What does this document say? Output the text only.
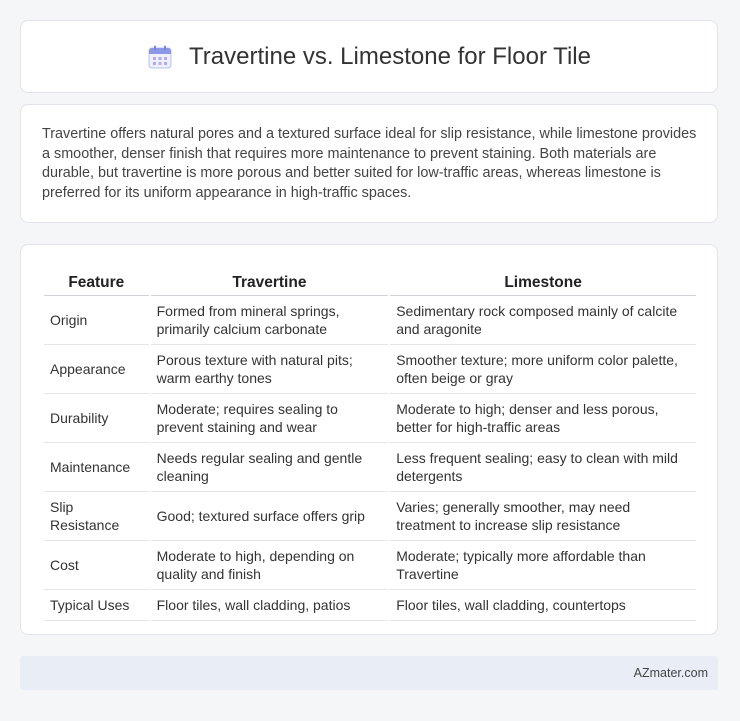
Travertine vs. Limestone for Floor Tile

Travertine offers natural pores and a textured surface ideal for slip resistance, while limestone provides a smoother, denser finish that requires more maintenance to prevent staining. Both materials are durable, but travertine is more porous and better suited for low-traffic areas, whereas limestone is preferred for its uniform appearance in high-traffic spaces.

Feature	Travertine	Limestone
Origin	Formed from mineral springs, primarily calcium carbonate	Sedimentary rock composed mainly of calcite and aragonite
Appearance	Porous texture with natural pits; warm earthy tones	Smoother texture; more uniform color palette, often beige or gray
Durability	Moderate; requires sealing to prevent staining and wear	Moderate to high; denser and less porous, better for high-traffic areas
Maintenance	Needs regular sealing and gentle cleaning	Less frequent sealing; easy to clean with mild detergents
Slip Resistance	Good; textured surface offers grip	Varies; generally smoother, may need treatment to increase slip resistance
Cost	Moderate to high, depending on quality and finish	Moderate; typically more affordable than Travertine
Typical Uses	Floor tiles, wall cladding, patios	Floor tiles, wall cladding, countertops
AZmater.com
